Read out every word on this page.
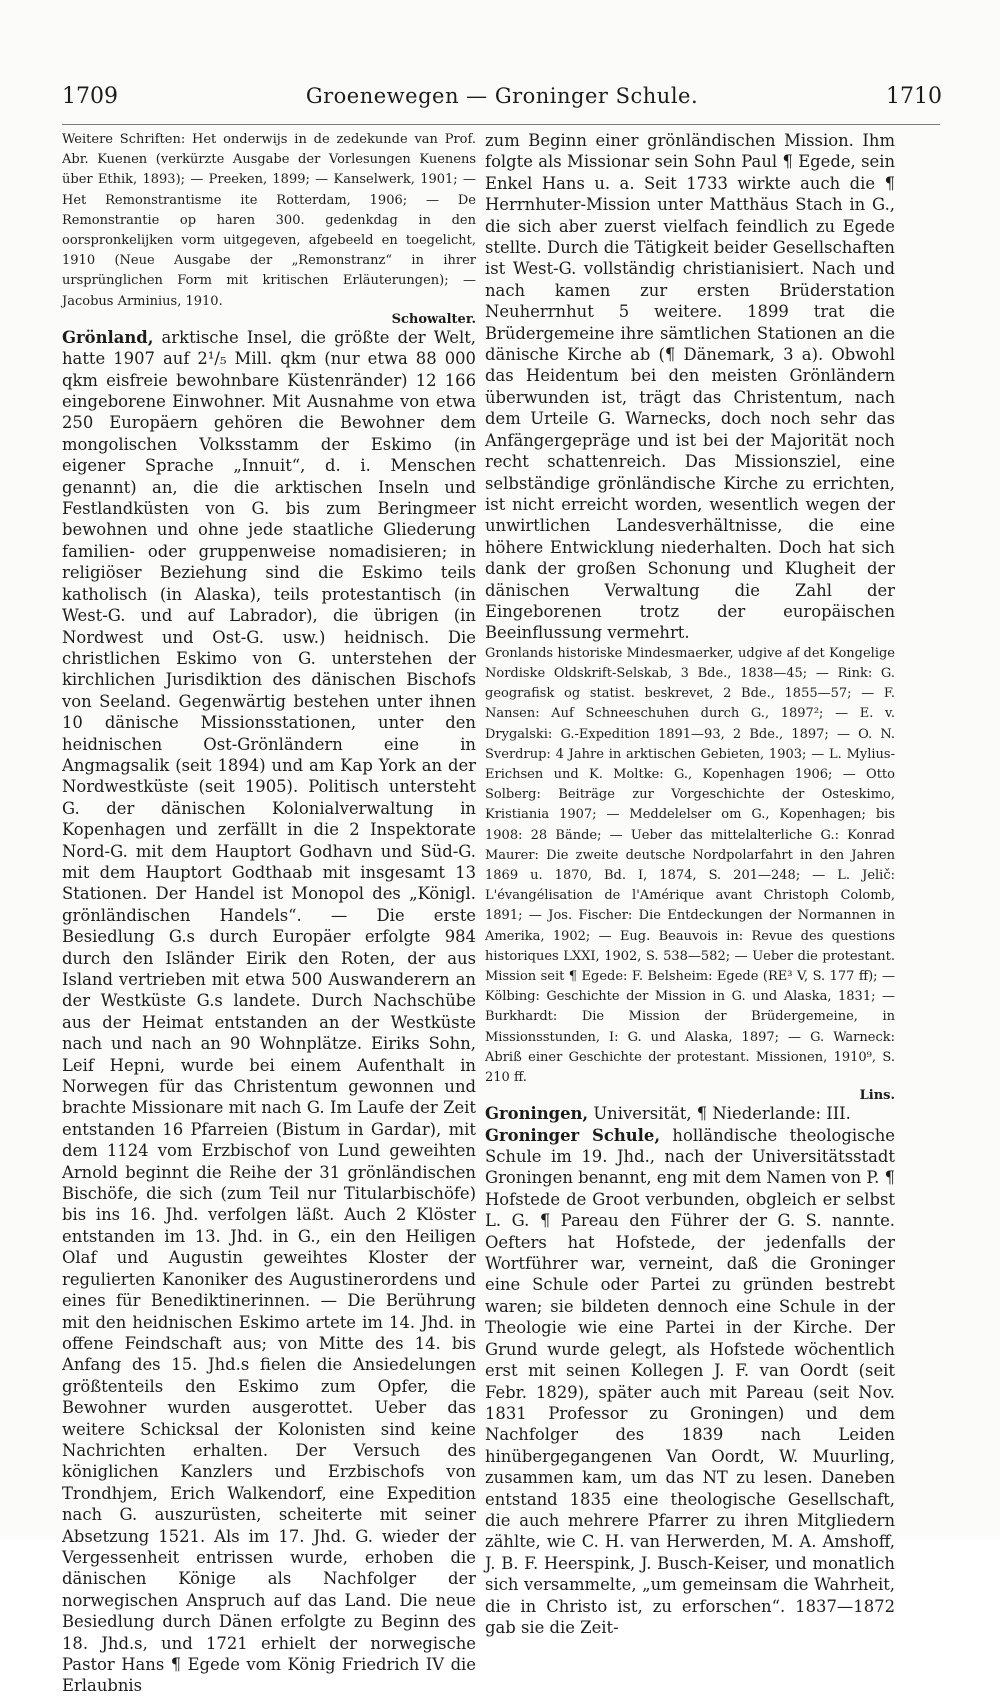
Groenewegen — Groninger Schule.
1709	1710

Weitere Schriften: Het onderwijs in de zedekunde van Prof. Abr. Kuenen (verkürzte Ausgabe der Vorlesungen Kuenens über Ethik, 1893); — Preeken, 1899; — Kanselwerk, 1901; — Het Remonstrantisme ite Rotterdam, 1906; — De Remonstrantie op haren 300. gedenkdag in den oorspronkelijken vorm uitgegeven, afgebeeld en toegelicht, 1910 (Neue Ausgabe der „Remonstranz“ in ihrer ursprünglichen Form mit kritischen Erläuterungen); — Jacobus Arminius, 1910.

Schowalter.

Grönland, arktische Insel, die größte der Welt, hatte 1907 auf 2¹/₅ Mill. qkm (nur etwa 88 000 qkm eisfreie bewohnbare Küstenränder) 12 166 eingeborene Einwohner. Mit Ausnahme von etwa 250 Europäern gehören die Bewohner dem mongolischen Volksstamm der Eskimo (in eigener Sprache „Innuit“, d. i. Menschen genannt) an, die die arktischen Inseln und Festlandküsten von G. bis zum Beringmeer bewohnen und ohne jede staatliche Gliederung familien- oder gruppenweise nomadisieren; in religiöser Beziehung sind die Eskimo teils katholisch (in Alaska), teils protestantisch (in West-G. und auf Labrador), die übrigen (in Nordwest und Ost-G. usw.) heidnisch. Die christlichen Eskimo von G. unterstehen der kirchlichen Jurisdiktion des dänischen Bischofs von Seeland. Gegenwärtig bestehen unter ihnen 10 dänische Missionsstationen, unter den heidnischen Ost-Grönländern eine in Angmagsalik (seit 1894) und am Kap York an der Nordwestküste (seit 1905). Politisch untersteht G. der dänischen Kolonialverwaltung in Kopenhagen und zerfällt in die 2 Inspektorate Nord-G. mit dem Hauptort Godhavn und Süd-G. mit dem Hauptort Godthaab mit insgesamt 13 Stationen. Der Handel ist Monopol des „Königl. grönländischen Handels“. — Die erste Besiedlung G.s durch Europäer erfolgte 984 durch den Isländer Eirik den Roten, der aus Island vertrieben mit etwa 500 Auswanderern an der Westküste G.s landete. Durch Nachschübe aus der Heimat entstanden an der Westküste nach und nach an 90 Wohnplätze. Eiriks Sohn, Leif Hepni, wurde bei einem Aufenthalt in Norwegen für das Christentum gewonnen und brachte Missionare mit nach G. Im Laufe der Zeit entstanden 16 Pfarreien (Bistum in Gardar), mit dem 1124 vom Erzbischof von Lund geweihten Arnold beginnt die Reihe der 31 grönländischen Bischöfe, die sich (zum Teil nur Titularbischöfe) bis ins 16. Jhd. verfolgen läßt. Auch 2 Klöster entstanden im 13. Jhd. in G., ein den Heiligen Olaf und Augustin geweihtes Kloster der regulierten Kanoniker des Augustinerordens und eines für Benediktinerinnen. — Die Berührung mit den heidnischen Eskimo artete im 14. Jhd. in offene Feindschaft aus; von Mitte des 14. bis Anfang des 15. Jhd.s fielen die Ansiedelungen größtenteils den Eskimo zum Opfer, die Bewohner wurden ausgerottet. Ueber das weitere Schicksal der Kolonisten sind keine Nachrichten erhalten. Der Versuch des königlichen Kanzlers und Erzbischofs von Trondhjem, Erich Walkendorf, eine Expedition nach G. auszurüsten, scheiterte mit seiner Absetzung 1521. Als im 17. Jhd. G. wieder der Vergessenheit entrissen wurde, erhoben die dänischen Könige als Nachfolger der norwegischen Anspruch auf das Land. Die neue Besiedlung durch Dänen erfolgte zu Beginn des 18. Jhd.s, und 1721 erhielt der norwegische Pastor Hans ¶ Egede vom König Friedrich IV die Erlaubnis

zum Beginn einer grönländischen Mission. Ihm folgte als Missionar sein Sohn Paul ¶ Egede, sein Enkel Hans u. a. Seit 1733 wirkte auch die ¶ Herrnhuter-Mission unter Matthäus Stach in G., die sich aber zuerst vielfach feindlich zu Egede stellte. Durch die Tätigkeit beider Gesellschaften ist West-G. vollständig christianisiert. Nach und nach kamen zur ersten Brüderstation Neuherrnhut 5 weitere. 1899 trat die Brüdergemeine ihre sämtlichen Stationen an die dänische Kirche ab (¶ Dänemark, 3 a). Obwohl das Heidentum bei den meisten Grönländern überwunden ist, trägt das Christentum, nach dem Urteile G. Warnecks, doch noch sehr das Anfängergepräge und ist bei der Majorität noch recht schattenreich. Das Missionsziel, eine selbständige grönländische Kirche zu errichten, ist nicht erreicht worden, wesentlich wegen der unwirtlichen Landesverhältnisse, die eine höhere Entwicklung niederhalten. Doch hat sich dank der großen Schonung und Klugheit der dänischen Verwaltung die Zahl der Eingeborenen trotz der europäischen Beeinflussung vermehrt.

Gronlands historiske Mindesmaerker, udgive af det Kongelige Nordiske Oldskrift-Selskab, 3 Bde., 1838—45; — Rink: G. geografisk og statist. beskrevet, 2 Bde., 1855—57; — F. Nansen: Auf Schneeschuhen durch G., 1897²; — E. v. Drygalski: G.-Expedition 1891—93, 2 Bde., 1897; — O. N. Sverdrup: 4 Jahre in arktischen Gebieten, 1903; — L. Mylius-Erichsen und K. Moltke: G., Kopenhagen 1906; — Otto Solberg: Beiträge zur Vorgeschichte der Osteskimo, Kristiania 1907; — Meddelelser om G., Kopenhagen; bis 1908: 28 Bände; — Ueber das mittelalterliche G.: Konrad Maurer: Die zweite deutsche Nordpolarfahrt in den Jahren 1869 u. 1870, Bd. I, 1874, S. 201—248; — L. Jelič: L'évangélisation de l'Amérique avant Christoph Colomb, 1891; — Jos. Fischer: Die Entdeckungen der Normannen in Amerika, 1902; — Eug. Beauvois in: Revue des questions historiques LXXI, 1902, S. 538—582; — Ueber die protestant. Mission seit ¶ Egede: F. Belsheim: Egede (RE³ V, S. 177 ff); — Kölbing: Geschichte der Mission in G. und Alaska, 1831; — Burkhardt: Die Mission der Brüdergemeine, in Missionsstunden, I: G. und Alaska, 1897; — G. Warneck: Abriß einer Geschichte der protestant. Missionen, 1910⁹, S. 210 ff.

Lins.

Groningen, Universität, ¶ Niederlande: III.

Groninger Schule, holländische theologische Schule im 19. Jhd., nach der Universitätsstadt Groningen benannt, eng mit dem Namen von P. ¶ Hofstede de Groot verbunden, obgleich er selbst L. G. ¶ Pareau den Führer der G. S. nannte. Oefters hat Hofstede, der jedenfalls der Wortführer war, verneint, daß die Groninger eine Schule oder Partei zu gründen bestrebt waren; sie bildeten dennoch eine Schule in der Theologie wie eine Partei in der Kirche. Der Grund wurde gelegt, als Hofstede wöchentlich erst mit seinen Kollegen J. F. van Oordt (seit Febr. 1829), später auch mit Pareau (seit Nov. 1831 Professor zu Groningen) und dem Nachfolger des 1839 nach Leiden hinübergegangenen Van Oordt, W. Muurling, zusammen kam, um das NT zu lesen. Daneben entstand 1835 eine theologische Gesellschaft, die auch mehrere Pfarrer zu ihren Mitgliedern zählte, wie C. H. van Herwerden, M. A. Amshoff, J. B. F. Heerspink, J. Busch-Keiser, und monatlich sich versammelte, „um gemeinsam die Wahrheit, die in Christo ist, zu erforschen“. 1837—1872 gab sie die Zeit-
